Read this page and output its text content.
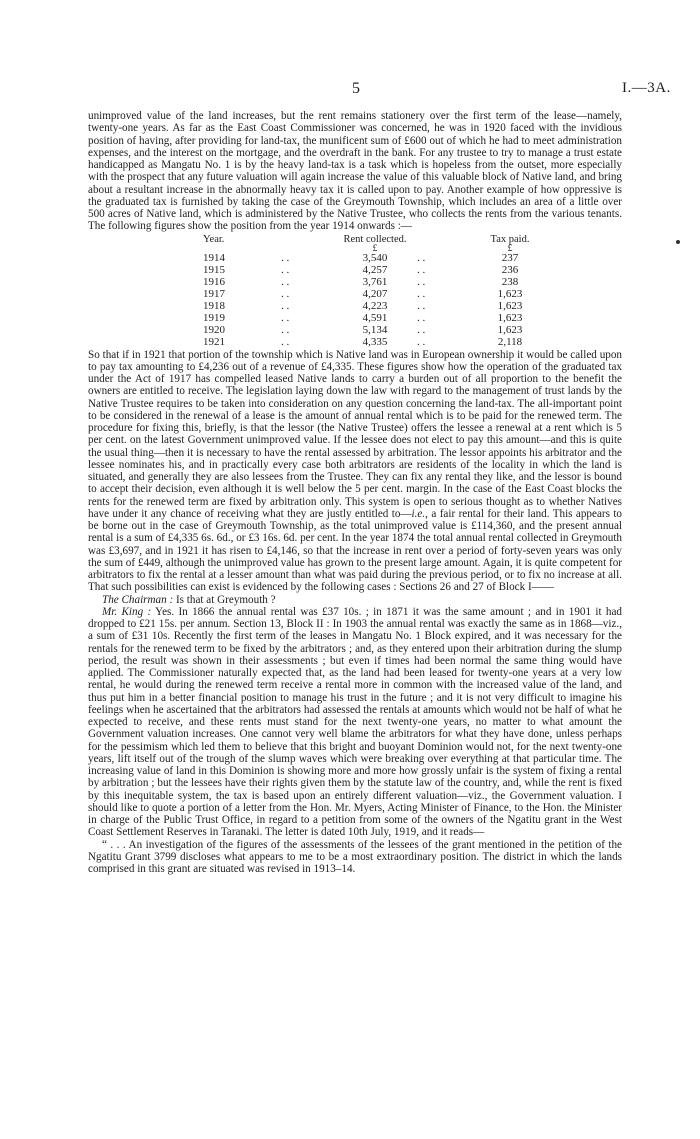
5	I.—3A.

unimproved value of the land increases, but the rent remains stationery over the first term of the lease—namely, twenty-one years. As far as the East Coast Commissioner was concerned, he was in 1920 faced with the invidious position of having, after providing for land-tax, the munificent sum of £600 out of which he had to meet administration expenses, and the interest on the mortgage, and the overdraft in the bank. For any trustee to try to manage a trust estate handicapped as Mangatu No. 1 is by the heavy land-tax is a task which is hopeless from the outset, more especially with the prospect that any future valuation will again increase the value of this valuable block of Native land, and bring about a resultant increase in the abnormally heavy tax it is called upon to pay. Another example of how oppressive is the graduated tax is furnished by taking the case of the Greymouth Township, which includes an area of a little over 500 acres of Native land, which is administered by the Native Trustee, who collects the rents from the various tenants. The following figures show the position from the year 1914 onwards :—

Year.		Rent collected.		Tax paid.
		£		£
1914	. .	3,540	. .	237
1915	. .	4,257	. .	236
1916	. .	3,761	. .	238
1917	. .	4,207	. .	1,623
1918	. .	4,223	. .	1,623
1919	. .	4,591	. .	1,623
1920	. .	5,134	. .	1,623
1921	. .	4,335	. .	2,118

So that if in 1921 that portion of the township which is Native land was in European ownership it would be called upon to pay tax amounting to £4,236 out of a revenue of £4,335. These figures show how the operation of the graduated tax under the Act of 1917 has compelled leased Native lands to carry a burden out of all proportion to the benefit the owners are entitled to receive. The legislation laying down the law with regard to the management of trust lands by the Native Trustee requires to be taken into consideration on any question concerning the land-tax. The all-important point to be considered in the renewal of a lease is the amount of annual rental which is to be paid for the renewed term. The procedure for fixing this, briefly, is that the lessor (the Native Trustee) offers the lessee a renewal at a rent which is 5 per cent. on the latest Government unimproved value. If the lessee does not elect to pay this amount—and this is quite the usual thing—then it is necessary to have the rental assessed by arbitration. The lessor appoints his arbitrator and the lessee nominates his, and in practically every case both arbitrators are residents of the locality in which the land is situated, and generally they are also lessees from the Trustee. They can fix any rental they like, and the lessor is bound to accept their decision, even although it is well below the 5 per cent. margin. In the case of the East Coast blocks the rents for the renewed term are fixed by arbitration only. This system is open to serious thought as to whether Natives have under it any chance of receiving what they are justly entitled to—i.e., a fair rental for their land. This appears to be borne out in the case of Greymouth Township, as the total unimproved value is £114,360, and the present annual rental is a sum of £4,335 6s. 6d., or £3 16s. 6d. per cent. In the year 1874 the total annual rental collected in Greymouth was £3,697, and in 1921 it has risen to £4,146, so that the increase in rent over a period of forty-seven years was only the sum of £449, although the unimproved value has grown to the present large amount. Again, it is quite competent for arbitrators to fix the rental at a lesser amount than what was paid during the previous period, or to fix no increase at all. That such possibilities can exist is evidenced by the following cases : Sections 26 and 27 of Block I——

The Chairman : Is that at Greymouth ?

Mr. King : Yes. In 1866 the annual rental was £37 10s. ; in 1871 it was the same amount ; and in 1901 it had dropped to £21 15s. per annum. Section 13, Block II : In 1903 the annual rental was exactly the same as in 1868—viz., a sum of £31 10s. Recently the first term of the leases in Mangatu No. 1 Block expired, and it was necessary for the rentals for the renewed term to be fixed by the arbitrators ; and, as they entered upon their arbitration during the slump period, the result was shown in their assessments ; but even if times had been normal the same thing would have applied. The Commissioner naturally expected that, as the land had been leased for twenty-one years at a very low rental, he would during the renewed term receive a rental more in common with the increased value of the land, and thus put him in a better financial position to manage his trust in the future ; and it is not very difficult to imagine his feelings when he ascertained that the arbitrators had assessed the rentals at amounts which would not be half of what he expected to receive, and these rents must stand for the next twenty-one years, no matter to what amount the Government valuation increases. One cannot very well blame the arbitrators for what they have done, unless perhaps for the pessimism which led them to believe that this bright and buoyant Dominion would not, for the next twenty-one years, lift itself out of the trough of the slump waves which were breaking over everything at that particular time. The increasing value of land in this Dominion is showing more and more how grossly unfair is the system of fixing a rental by arbitration ; but the lessees have their rights given them by the statute law of the country, and, while the rent is fixed by this inequitable system, the tax is based upon an entirely different valuation—viz., the Government valuation. I should like to quote a portion of a letter from the Hon. Mr. Myers, Acting Minister of Finance, to the Hon. the Minister in charge of the Public Trust Office, in regard to a petition from some of the owners of the Ngatitu grant in the West Coast Settlement Reserves in Taranaki. The letter is dated 10th July, 1919, and it reads—

“ . . . An investigation of the figures of the assessments of the lessees of the grant mentioned in the petition of the Ngatitu Grant 3799 discloses what appears to me to be a most extraordinary position. The district in which the lands comprised in this grant are situated was revised in 1913–14.
